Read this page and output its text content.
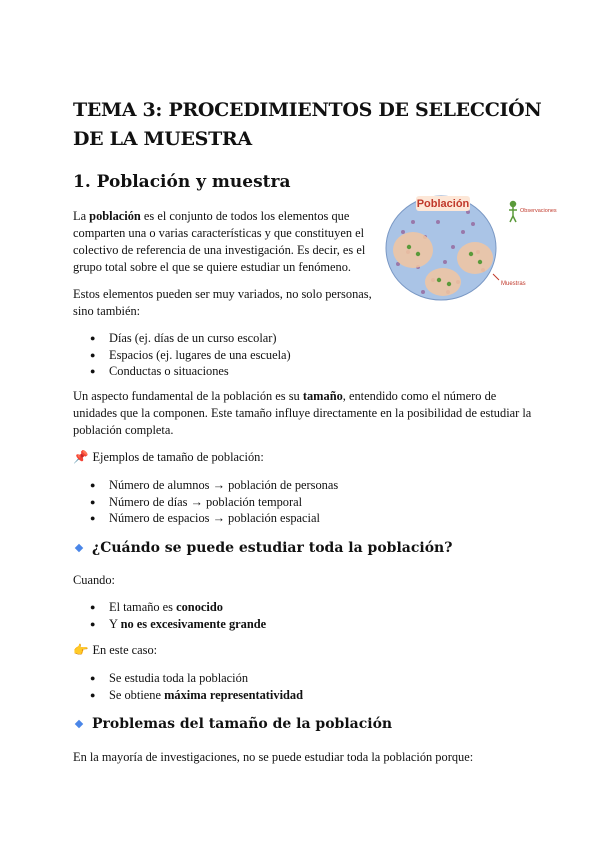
TEMA 3: PROCEDIMIENTOS DE SELECCIÓN DE LA MUESTRA
1. Población y muestra

La población es el conjunto de todos los elementos que comparten una o varias características y que constituyen el colectivo de referencia de una investigación. Es decir, es el grupo total sobre el que se quiere estudiar un fenómeno.

Población
Observaciones
Muestras

Estos elementos pueden ser muy variados, no solo personas, sino también:

● Días (ej. días de un curso escolar)
● Espacios (ej. lugares de una escuela)
● Conductas o situaciones

Un aspecto fundamental de la población es su tamaño, entendido como el número de unidades que la componen. Este tamaño influye directamente en la posibilidad de estudiar la población completa.

📌 Ejemplos de tamaño de población:

● Número de alumnos → población de personas
● Número de días → población temporal
● Número de espacios → población espacial
¿Cuándo se puede estudiar toda la población?

Cuando:

● El tamaño es conocido
● Y no es excesivamente grande

👉 En este caso:

● Se estudia toda la población
● Se obtiene máxima representatividad
Problemas del tamaño de la población

En la mayoría de investigaciones, no se puede estudiar toda la población porque:
